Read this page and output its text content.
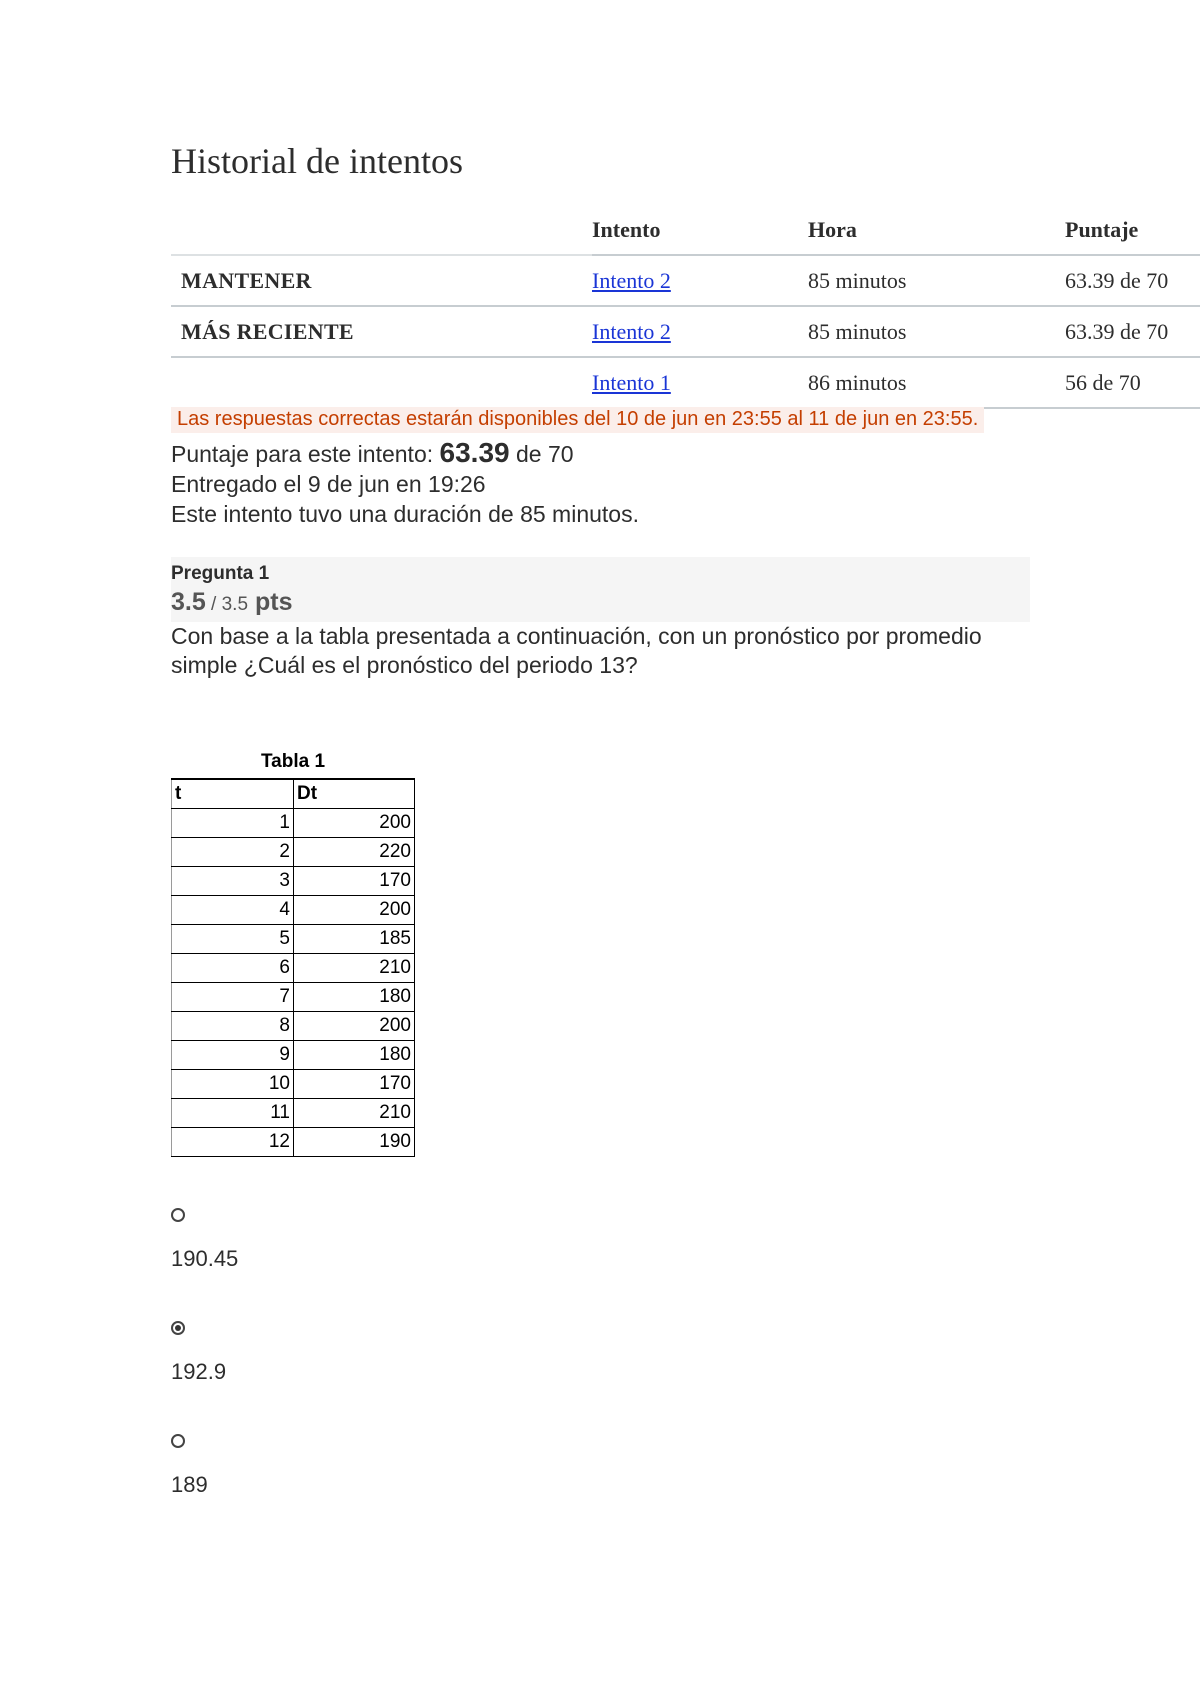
Historial de intentos
	Intento	Hora	Puntaje
MANTENER	Intento 2	85 minutos	63.39 de 70
MÁS RECIENTE	Intento 2	85 minutos	63.39 de 70
	Intento 1	86 minutos	56 de 70
Las respuestas correctas estarán disponibles del 10 de jun en 23:55 al 11 de jun en 23:55.
Puntaje para este intento: 63.39 de 70
Entregado el 9 de jun en 19:26
Este intento tuvo una duración de 85 minutos.
Pregunta 1
3.5 / 3.5 pts
Con base a la tabla presentada a continuación, con un pronóstico por promedio simple ¿Cuál es el pronóstico del periodo 13?
Tabla 1
t	Dt
1	200
2	220
3	170
4	200
5	185
6	210
7	180
8	200
9	180
10	170
11	210
12	190
190.45
192.9
189
